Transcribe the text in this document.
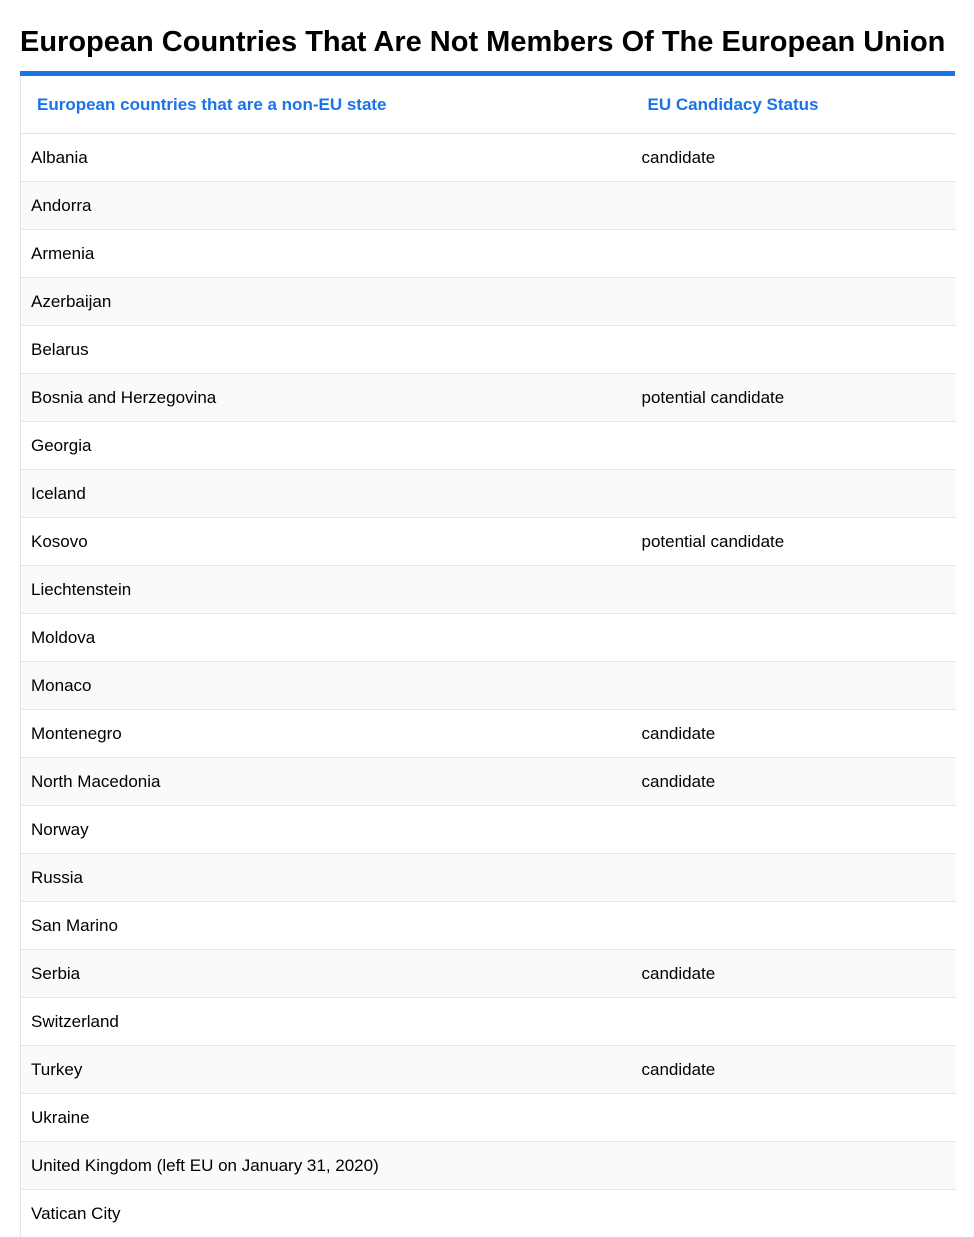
European Countries That Are Not Members Of The European Union
European countries that are a non-EU state	EU Candidacy Status
Albania	candidate
Andorra	
Armenia	
Azerbaijan	
Belarus	
Bosnia and Herzegovina	potential candidate
Georgia	
Iceland	
Kosovo	potential candidate
Liechtenstein	
Moldova	
Monaco	
Montenegro	candidate
North Macedonia	candidate
Norway	
Russia	
San Marino	
Serbia	candidate
Switzerland	
Turkey	candidate
Ukraine	
United Kingdom (left EU on January 31, 2020)	
Vatican City	
